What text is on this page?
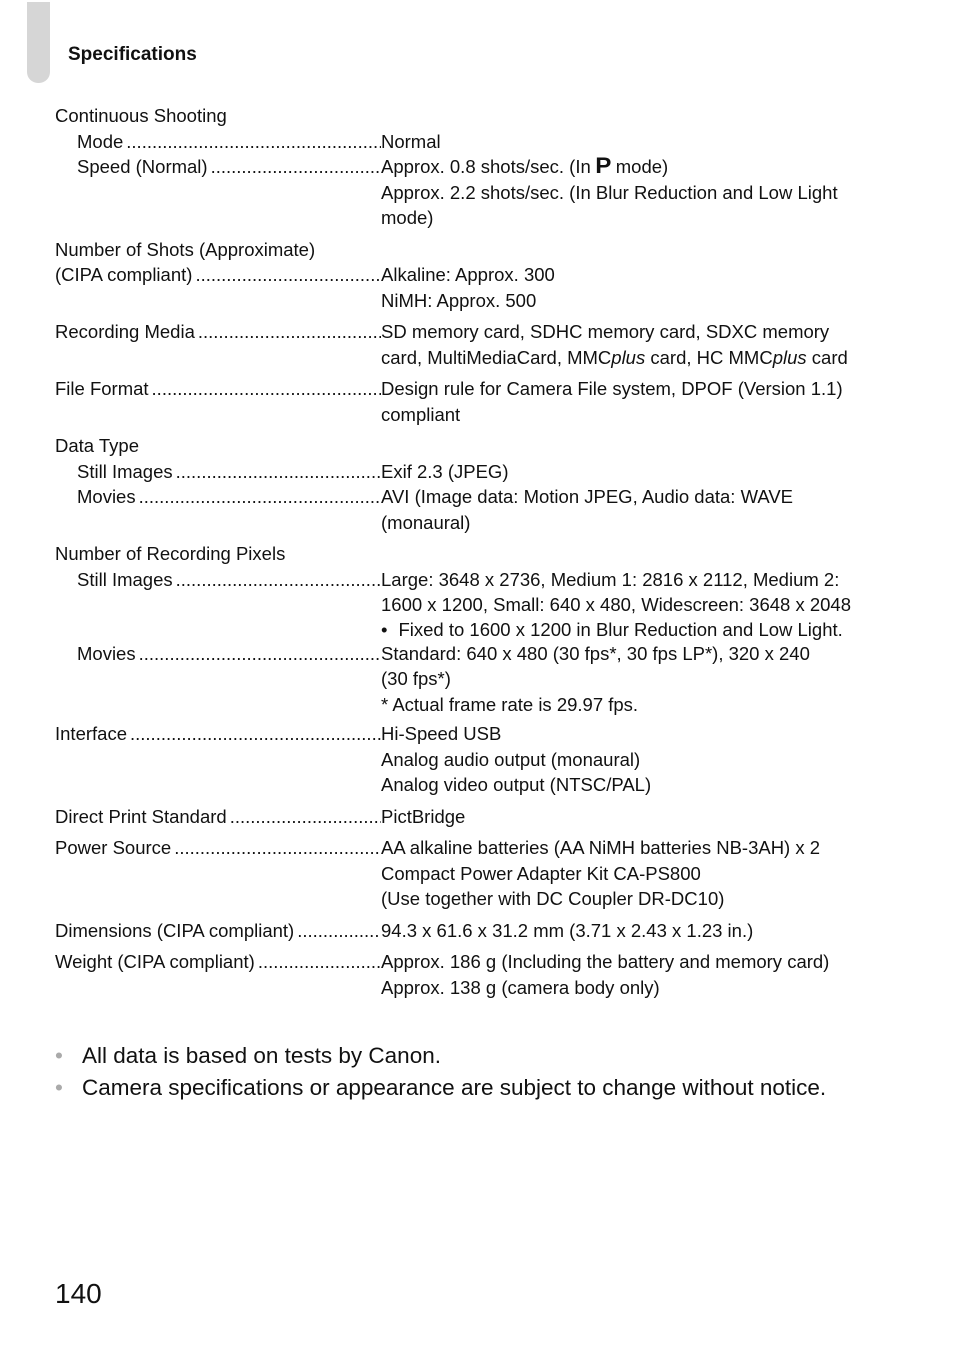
Specifications
Continuous Shooting
Mode .....	Normal
Speed (Normal) .....	Approx. 0.8 shots/sec. (In P mode)
Approx. 2.2 shots/sec. (In Blur Reduction and Low Light
mode)
Number of Shots (Approximate)
(CIPA compliant) .....	Alkaline: Approx. 300
NiMH: Approx. 500
Recording Media .....	SD memory card, SDHC memory card, SDXC memory
card, MultiMediaCard, MMCplus card, HC MMCplus card
File Format .....	Design rule for Camera File system, DPOF (Version 1.1)
compliant
Data Type
Still Images .....	Exif 2.3 (JPEG)
Movies .....	AVI (Image data: Motion JPEG, Audio data: WAVE
(monaural)
Number of Recording Pixels
Still Images .....	Large: 3648 x 2736, Medium 1: 2816 x 2112, Medium 2:
1600 x 1200, Small: 640 x 480, Widescreen: 3648 x 2048
• Fixed to 1600 x 1200 in Blur Reduction and Low Light.
Movies .....	Standard: 640 x 480 (30 fps*, 30 fps LP*), 320 x 240
(30 fps*)
* Actual frame rate is 29.97 fps.
Interface .....	Hi-Speed USB
Analog audio output (monaural)
Analog video output (NTSC/PAL)
Direct Print Standard .....	PictBridge
Power Source .....	AA alkaline batteries (AA NiMH batteries NB-3AH) x 2
Compact Power Adapter Kit CA-PS800
(Use together with DC Coupler DR-DC10)
Dimensions (CIPA compliant) .....	94.3 x 61.6 x 31.2 mm (3.71 x 2.43 x 1.23 in.)
Weight (CIPA compliant) .....	Approx. 186 g (Including the battery and memory card)
Approx. 138 g (camera body only)
• All data is based on tests by Canon.
• Camera specifications or appearance are subject to change without notice.
140
